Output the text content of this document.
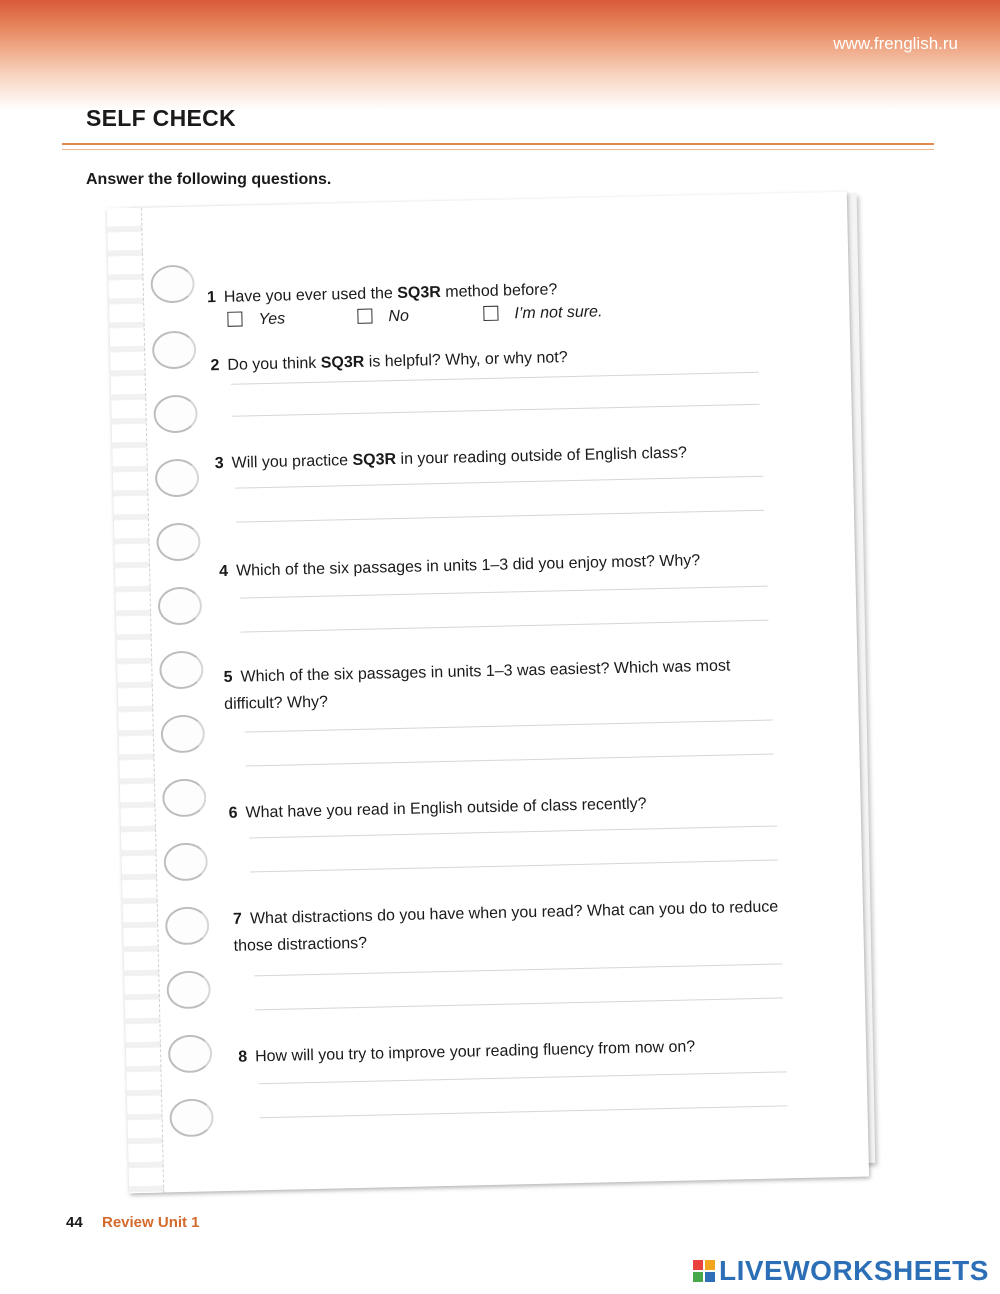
www.frenglish.ru
SELF CHECK
Answer the following questions.
1 Have you ever used the SQ3R method before?
Yes	No	I’m not sure.
2 Do you think SQ3R is helpful? Why, or why not?
3 Will you practice SQ3R in your reading outside of English class?
4 Which of the six passages in units 1–3 did you enjoy most? Why?
5 Which of the six passages in units 1–3 was easiest? Which was most difficult? Why?
6 What have you read in English outside of class recently?
7 What distractions do you have when you read? What can you do to reduce those distractions?
8 How will you try to improve your reading fluency from now on?
44 Review Unit 1
LIVEWORKSHEETS
